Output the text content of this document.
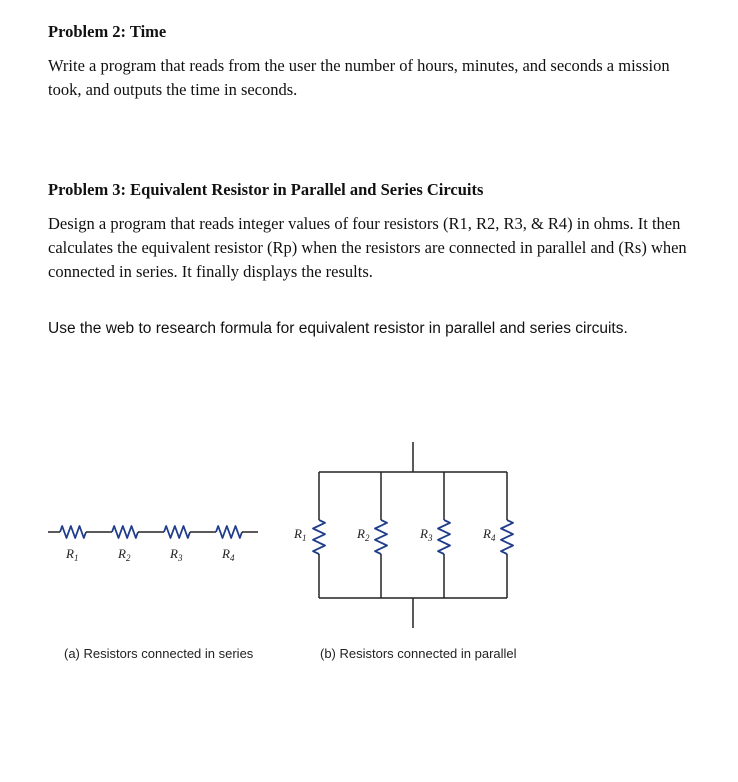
Problem 2: Time

Write a program that reads from the user the number of hours, minutes, and seconds a mission took, and outputs the time in seconds.

Problem 3: Equivalent Resistor in Parallel and Series Circuits

Design a program that reads integer values of four resistors (R1, R2, R3, & R4) in ohms. It then calculates the equivalent resistor (Rp) when the resistors are connected in parallel and (Rs) when connected in series. It finally displays the results.

Use the web to research formula for equivalent resistor in parallel and series circuits.

$R_1$	$R_2$	$R_3$	$R_4$
(a) Resistors connected in series
$R_1$	$R_2$	$R_3$	$R_4$
(b) Resistors connected in parallel
